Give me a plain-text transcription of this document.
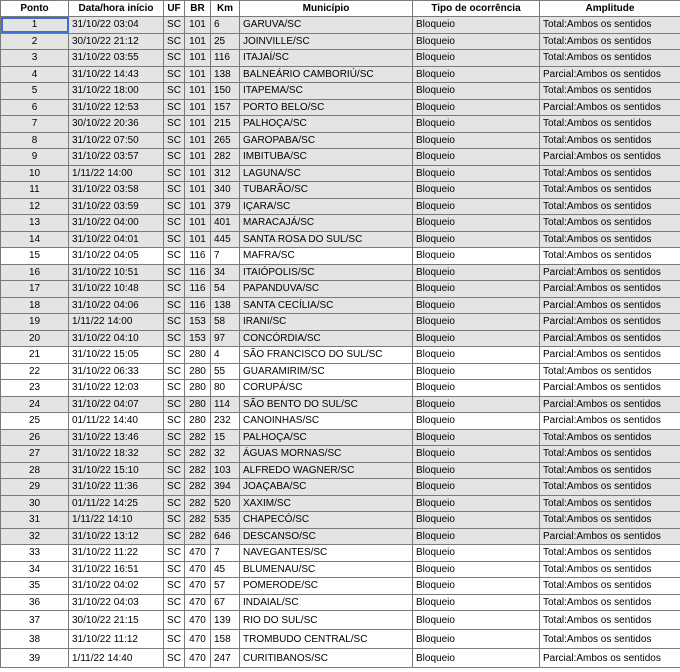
Ponto	Data/hora início	UF	BR	Km	Município	Tipo de ocorrência	Amplitude
1	31/10/22 03:04	SC	101	6	GARUVA/SC	Bloqueio	Total:Ambos os sentidos
2	30/10/22 21:12	SC	101	25	JOINVILLE/SC	Bloqueio	Total:Ambos os sentidos
3	31/10/22 03:55	SC	101	116	ITAJAÍ/SC	Bloqueio	Total:Ambos os sentidos
4	31/10/22 14:43	SC	101	138	BALNEÁRIO CAMBORIÚ/SC	Bloqueio	Parcial:Ambos os sentidos
5	31/10/22 18:00	SC	101	150	ITAPEMA/SC	Bloqueio	Total:Ambos os sentidos
6	31/10/22 12:53	SC	101	157	PORTO BELO/SC	Bloqueio	Parcial:Ambos os sentidos
7	30/10/22 20:36	SC	101	215	PALHOÇA/SC	Bloqueio	Total:Ambos os sentidos
8	31/10/22 07:50	SC	101	265	GAROPABA/SC	Bloqueio	Total:Ambos os sentidos
9	31/10/22 03:57	SC	101	282	IMBITUBA/SC	Bloqueio	Parcial:Ambos os sentidos
10	1/11/22 14:00	SC	101	312	LAGUNA/SC	Bloqueio	Total:Ambos os sentidos
11	31/10/22 03:58	SC	101	340	TUBARÃO/SC	Bloqueio	Total:Ambos os sentidos
12	31/10/22 03:59	SC	101	379	IÇARA/SC	Bloqueio	Total:Ambos os sentidos
13	31/10/22 04:00	SC	101	401	MARACAJÁ/SC	Bloqueio	Total:Ambos os sentidos
14	31/10/22 04:01	SC	101	445	SANTA ROSA DO SUL/SC	Bloqueio	Total:Ambos os sentidos
15	31/10/22 04:05	SC	116	7	MAFRA/SC	Bloqueio	Total:Ambos os sentidos
16	31/10/22 10:51	SC	116	34	ITAIÓPOLIS/SC	Bloqueio	Parcial:Ambos os sentidos
17	31/10/22 10:48	SC	116	54	PAPANDUVA/SC	Bloqueio	Parcial:Ambos os sentidos
18	31/10/22 04:06	SC	116	138	SANTA CECÍLIA/SC	Bloqueio	Parcial:Ambos os sentidos
19	1/11/22 14:00	SC	153	58	IRANI/SC	Bloqueio	Parcial:Ambos os sentidos
20	31/10/22 04:10	SC	153	97	CONCÓRDIA/SC	Bloqueio	Parcial:Ambos os sentidos
21	31/10/22 15:05	SC	280	4	SÃO FRANCISCO DO SUL/SC	Bloqueio	Parcial:Ambos os sentidos
22	31/10/22 06:33	SC	280	55	GUARAMIRIM/SC	Bloqueio	Total:Ambos os sentidos
23	31/10/22 12:03	SC	280	80	CORUPÁ/SC	Bloqueio	Parcial:Ambos os sentidos
24	31/10/22 04:07	SC	280	114	SÃO BENTO DO SUL/SC	Bloqueio	Parcial:Ambos os sentidos
25	01/11/22 14:40	SC	280	232	CANOINHAS/SC	Bloqueio	Parcial:Ambos os sentidos
26	31/10/22 13:46	SC	282	15	PALHOÇA/SC	Bloqueio	Total:Ambos os sentidos
27	31/10/22 18:32	SC	282	32	ÁGUAS MORNAS/SC	Bloqueio	Total:Ambos os sentidos
28	31/10/22 15:10	SC	282	103	ALFREDO WAGNER/SC	Bloqueio	Total:Ambos os sentidos
29	31/10/22 11:36	SC	282	394	JOAÇABA/SC	Bloqueio	Total:Ambos os sentidos
30	01/11/22 14:25	SC	282	520	XAXIM/SC	Bloqueio	Total:Ambos os sentidos
31	1/11/22 14:10	SC	282	535	CHAPECÓ/SC	Bloqueio	Total:Ambos os sentidos
32	31/10/22 13:12	SC	282	646	DESCANSO/SC	Bloqueio	Parcial:Ambos os sentidos
33	31/10/22 11:22	SC	470	7	NAVEGANTES/SC	Bloqueio	Total:Ambos os sentidos
34	31/10/22 16:51	SC	470	45	BLUMENAU/SC	Bloqueio	Total:Ambos os sentidos
35	31/10/22 04:02	SC	470	57	POMERODE/SC	Bloqueio	Total:Ambos os sentidos
36	31/10/22 04:03	SC	470	67	INDAIAL/SC	Bloqueio	Total:Ambos os sentidos
37	30/10/22 21:15	SC	470	139	RIO DO SUL/SC	Bloqueio	Total:Ambos os sentidos
38	31/10/22 11:12	SC	470	158	TROMBUDO CENTRAL/SC	Bloqueio	Total:Ambos os sentidos
39	1/11/22 14:40	SC	470	247	CURITIBANOS/SC	Bloqueio	Parcial:Ambos os sentidos
